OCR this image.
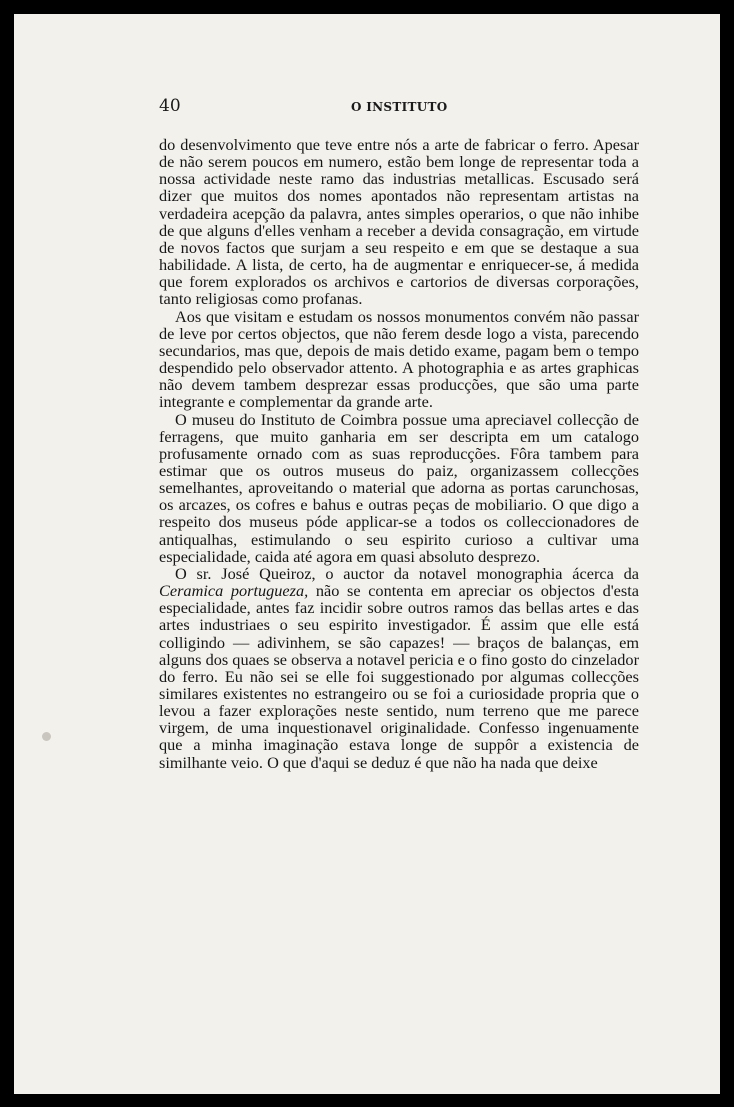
40	O INSTITUTO

do desenvolvimento que teve entre nós a arte de fabricar o ferro. Apesar de não serem poucos em numero, estão bem longe de representar toda a nossa actividade neste ramo das industrias metallicas. Escusado será dizer que muitos dos nomes apontados não representam artistas na verdadeira acepção da palavra, antes simples operarios, o que não inhibe de que alguns d'elles venham a receber a devida consagração, em virtude de novos factos que surjam a seu respeito e em que se destaque a sua habilidade. A lista, de certo, ha de augmentar e enriquecer-se, á medida que forem explorados os archivos e cartorios de diversas corporações, tanto religiosas como profanas.

Aos que visitam e estudam os nossos monumentos convém não passar de leve por certos objectos, que não ferem desde logo a vista, parecendo secundarios, mas que, depois de mais detido exame, pagam bem o tempo despendido pelo observador attento. A photographia e as artes graphicas não devem tambem desprezar essas producções, que são uma parte integrante e complementar da grande arte.

O museu do Instituto de Coimbra possue uma apreciavel collecção de ferragens, que muito ganharia em ser descripta em um catalogo profusamente ornado com as suas reproducções. Fôra tambem para estimar que os outros museus do paiz, organizassem collecções semelhantes, aproveitando o material que adorna as portas carunchosas, os arcazes, os cofres e bahus e outras peças de mobiliario. O que digo a respeito dos museus póde applicar-se a todos os colleccionadores de antiqualhas, estimulando o seu espirito curioso a cultivar uma especialidade, caida até agora em quasi absoluto desprezo.

O sr. José Queiroz, o auctor da notavel monographia ácerca da Ceramica portugueza, não se contenta em apreciar os objectos d'esta especialidade, antes faz incidir sobre outros ramos das bellas artes e das artes industriaes o seu espirito investigador. É assim que elle está colligindo — adivinhem, se são capazes! — braços de balanças, em alguns dos quaes se observa a notavel pericia e o fino gosto do cinzelador do ferro. Eu não sei se elle foi suggestionado por algumas collecções similares existentes no estrangeiro ou se foi a curiosidade propria que o levou a fazer explorações neste sentido, num terreno que me parece virgem, de uma inquestionavel originalidade. Confesso ingenuamente que a minha imaginação estava longe de suppôr a existencia de similhante veio. O que d'aqui se deduz é que não ha nada que deixe
